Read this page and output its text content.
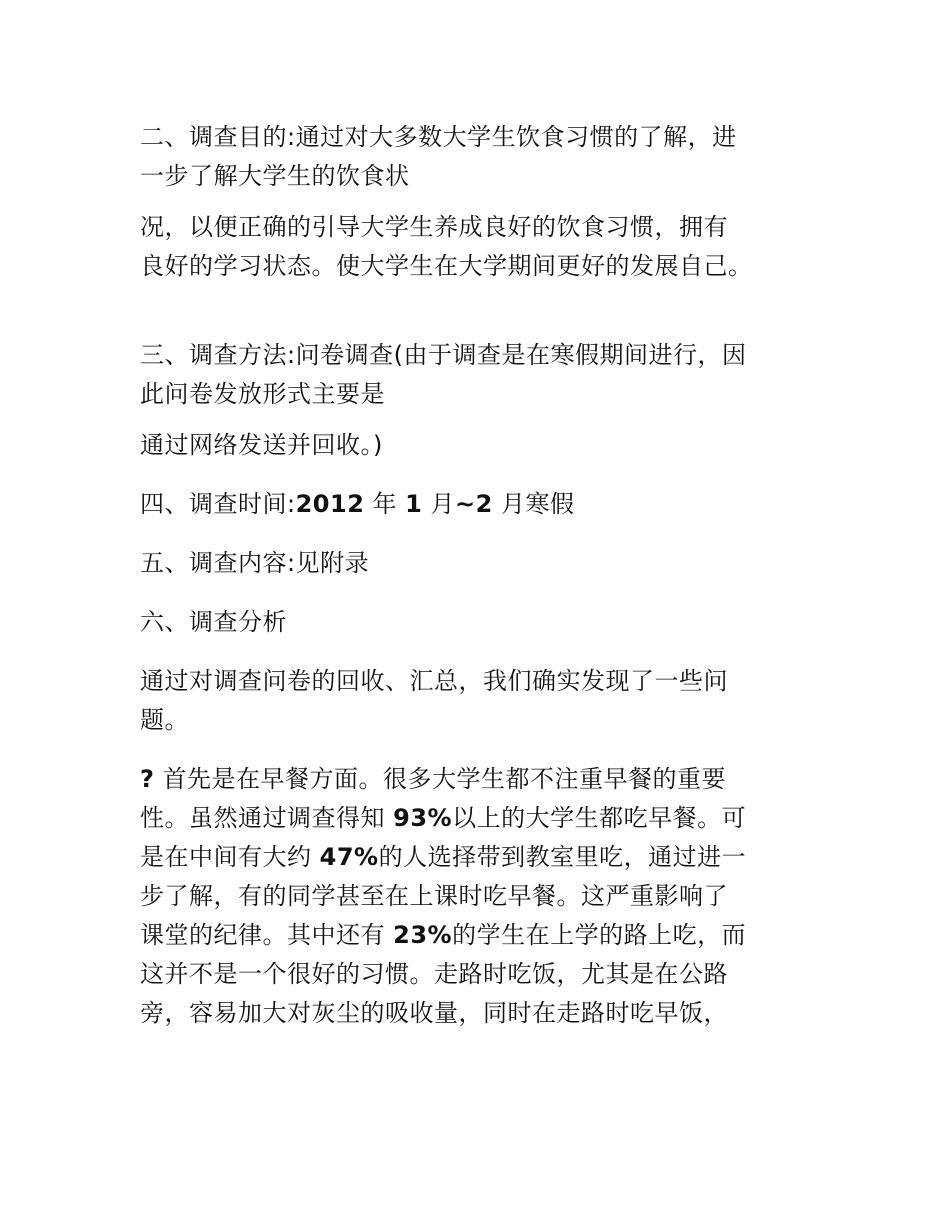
二、调查目的:通过对大多数大学生饮食习惯的了解，进
一步了解大学生的饮食状
况，以便正确的引导大学生养成良好的饮食习惯，拥有
良好的学习状态。使大学生在大学期间更好的发展自己。
三、调查方法:问卷调查(由于调查是在寒假期间进行，因
此问卷发放形式主要是
通过网络发送并回收。)
四、调查时间:2012 年 1 月~2 月寒假
五、调查内容:见附录
六、调查分析
通过对调查问卷的回收、汇总，我们确实发现了一些问
题。
? 首先是在早餐方面。很多大学生都不注重早餐的重要
性。虽然通过调查得知 93%以上的大学生都吃早餐。可
是在中间有大约 47%的人选择带到教室里吃，通过进一
步了解，有的同学甚至在上课时吃早餐。这严重影响了
课堂的纪律。其中还有 23%的学生在上学的路上吃，而
这并不是一个很好的习惯。走路时吃饭，尤其是在公路
旁，容易加大对灰尘的吸收量，同时在走路时吃早饭，
